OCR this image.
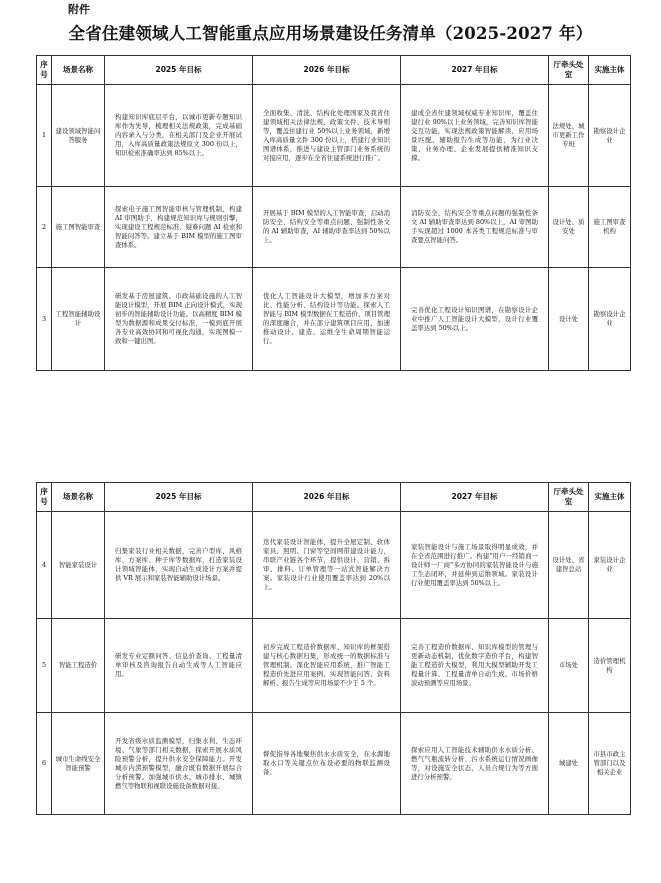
附件
全省住建领域人工智能重点应用场景建设任务清单（2025-2027 年）
序号	场景名称	2025 年目标	2026 年目标	2027 年目标	厅牵头处室	实施主体
1	建设领域智能问答服务	构建知识库底层平台，以城市更新专题知识库作为先导，梳理相关法规政策，完成基础内容录入与分类，在相关部门及企业开展试用，入库高质量政策法规原文 300 份以上，知识检索准确率达到 85%以上。	全面收集、清洗、结构化处理国家及我省住建领域相关法律法规、政策文件、技术导则等，覆盖住建行业 50%以上业务领域，新增入库高质量文件 300 份以上，搭建行业知识图谱体系，推进与建设主管部门业务系统的对接应用，逐步在全省住建系统进行推广。	建成全省住建领域权威专业知识库，覆盖住建行业 90%以上业务领域，完善知识库智能交互功能，实现法规政策智能解读、应用场景匹配、辅助报告生成等功能，为行业决策、业务办理、企业发展提供精准知识支撑。	法规处、城市更新工作专班	勘察设计企业
2	施工图智能审查	探索电子施工图智能审核与管理机制，构建 AI 审图助手，构建规范知识库与规则引擎，实现建设工程规范标准、疑难问题 AI 检索和智能问答等。建立基于 BIM 模型的施工图审查体系。	开展基于 BIM 模型的人工智能审查，启动消防安全、结构安全等重点问题、强制性条文的 AI 辅助审查，AI 辅助审查率达到 50%以上。	消防安全、结构安全等重点问题的强制性条文 AI 辅助审查率达到 80%以上，AI 审图助手实现超过 1000 本各类工程规范标准与审查要点智能问答。	设计处、质安处	施工图审查机构
3	工程智能辅助设计	研发基于房屋建筑、市政基础设施的人工智能设计模型，开展 BIM 正向设计模式，实现初步的智能辅助设计功能。以高精度 BIM 模型为数据源和成果交付标准，一模到底开展各专业高效协同和可视化沟通，实现图模一致和一键出图。	优化人工智能设计大模型，增加多方案对比、性能分析、结构设计等功能。探索人工智能与 BIM 模型数据在工程造价、项目管理的深度融合，并在部分建筑项目应用，加速推动设计、建造、运维全生命周期智能运行。	完善优化工程设计知识图谱，在勘察设计企业中推广人工智能设计大模型，设计行业覆盖率达到 50%以上。	设计处	勘察设计企业
序号	场景名称	2025 年目标	2026 年目标	2027 年目标	厅牵头处室	实施主体
4	智能家装设计	归集家装行业相关数据，完善户型库、风格库、方案库、种子库等数据库，打造家装设计领域智能体，实现自动生成设计方案并提供 VR 展示和家装智能辅助设计场景。	迭代家装设计智能体，提升全屋定制、软体家具、照明、门窗等空间网带建设计能力，串联产业链各个环节，提供设计、营销、拆审、排料、订单管理等一站式智能解决方案。家装设计行业使用覆盖率达到 20%以上。	家装智能设计与施工场景取得明显成效，并在全省范围进行推广。构建"用户一经销商一设计师一厂商"多方协同的家装智能设计与施工生态闭环，并延伸到运维领域。家装设计行业使用覆盖率达到 50%以上。	设计处、省建智总站	家装设计企业
5	智能工程造价	研发专业定额问答、信息价查询、工程量清单审核及咨询报告自动生成等人工智能应用。	初步完成工程造价数据库、知识库的框架搭建与核心数据归集，形成统一的数据标准与管理机制。深化智能应用系统，推广智能工程造价先进应用案例，实现智能问答、资料解析、报告生成等应用场景不少于 5 个。	完善工程造价数据库、知识库模型的管理与更新动态机制，优化数字造价平台，构建智能工程造价大模型，利用大模型辅助开发工程量计算、工程量清单自动生成、市场价格波动预测等应用场景。	市场处	造价管理机构
6	城市生命线安全智能预警	开发省级水质监测模型，归集水利、生态环境、气象等部门相关数据，探索开展水质风险预警分析，提升供水安全保障能力。开发城市内涝预警模型，融合既有数据开展综合分析预警。加强城市供水、城市排水、城镇燃气等物联和视联设施设备数据对接。	督促指导各地聚焦供水水质安全，在水源地取水口等关键点位布设必要的物联监测设备。	探索应用人工智能技术辅助供水水质分析、燃气气瓶流转分析、污水系统运行情况画像等，对设施安全状态、人员合规行为等方面进行分析预警。	城建处	市县市政主管部门以及相关企业
